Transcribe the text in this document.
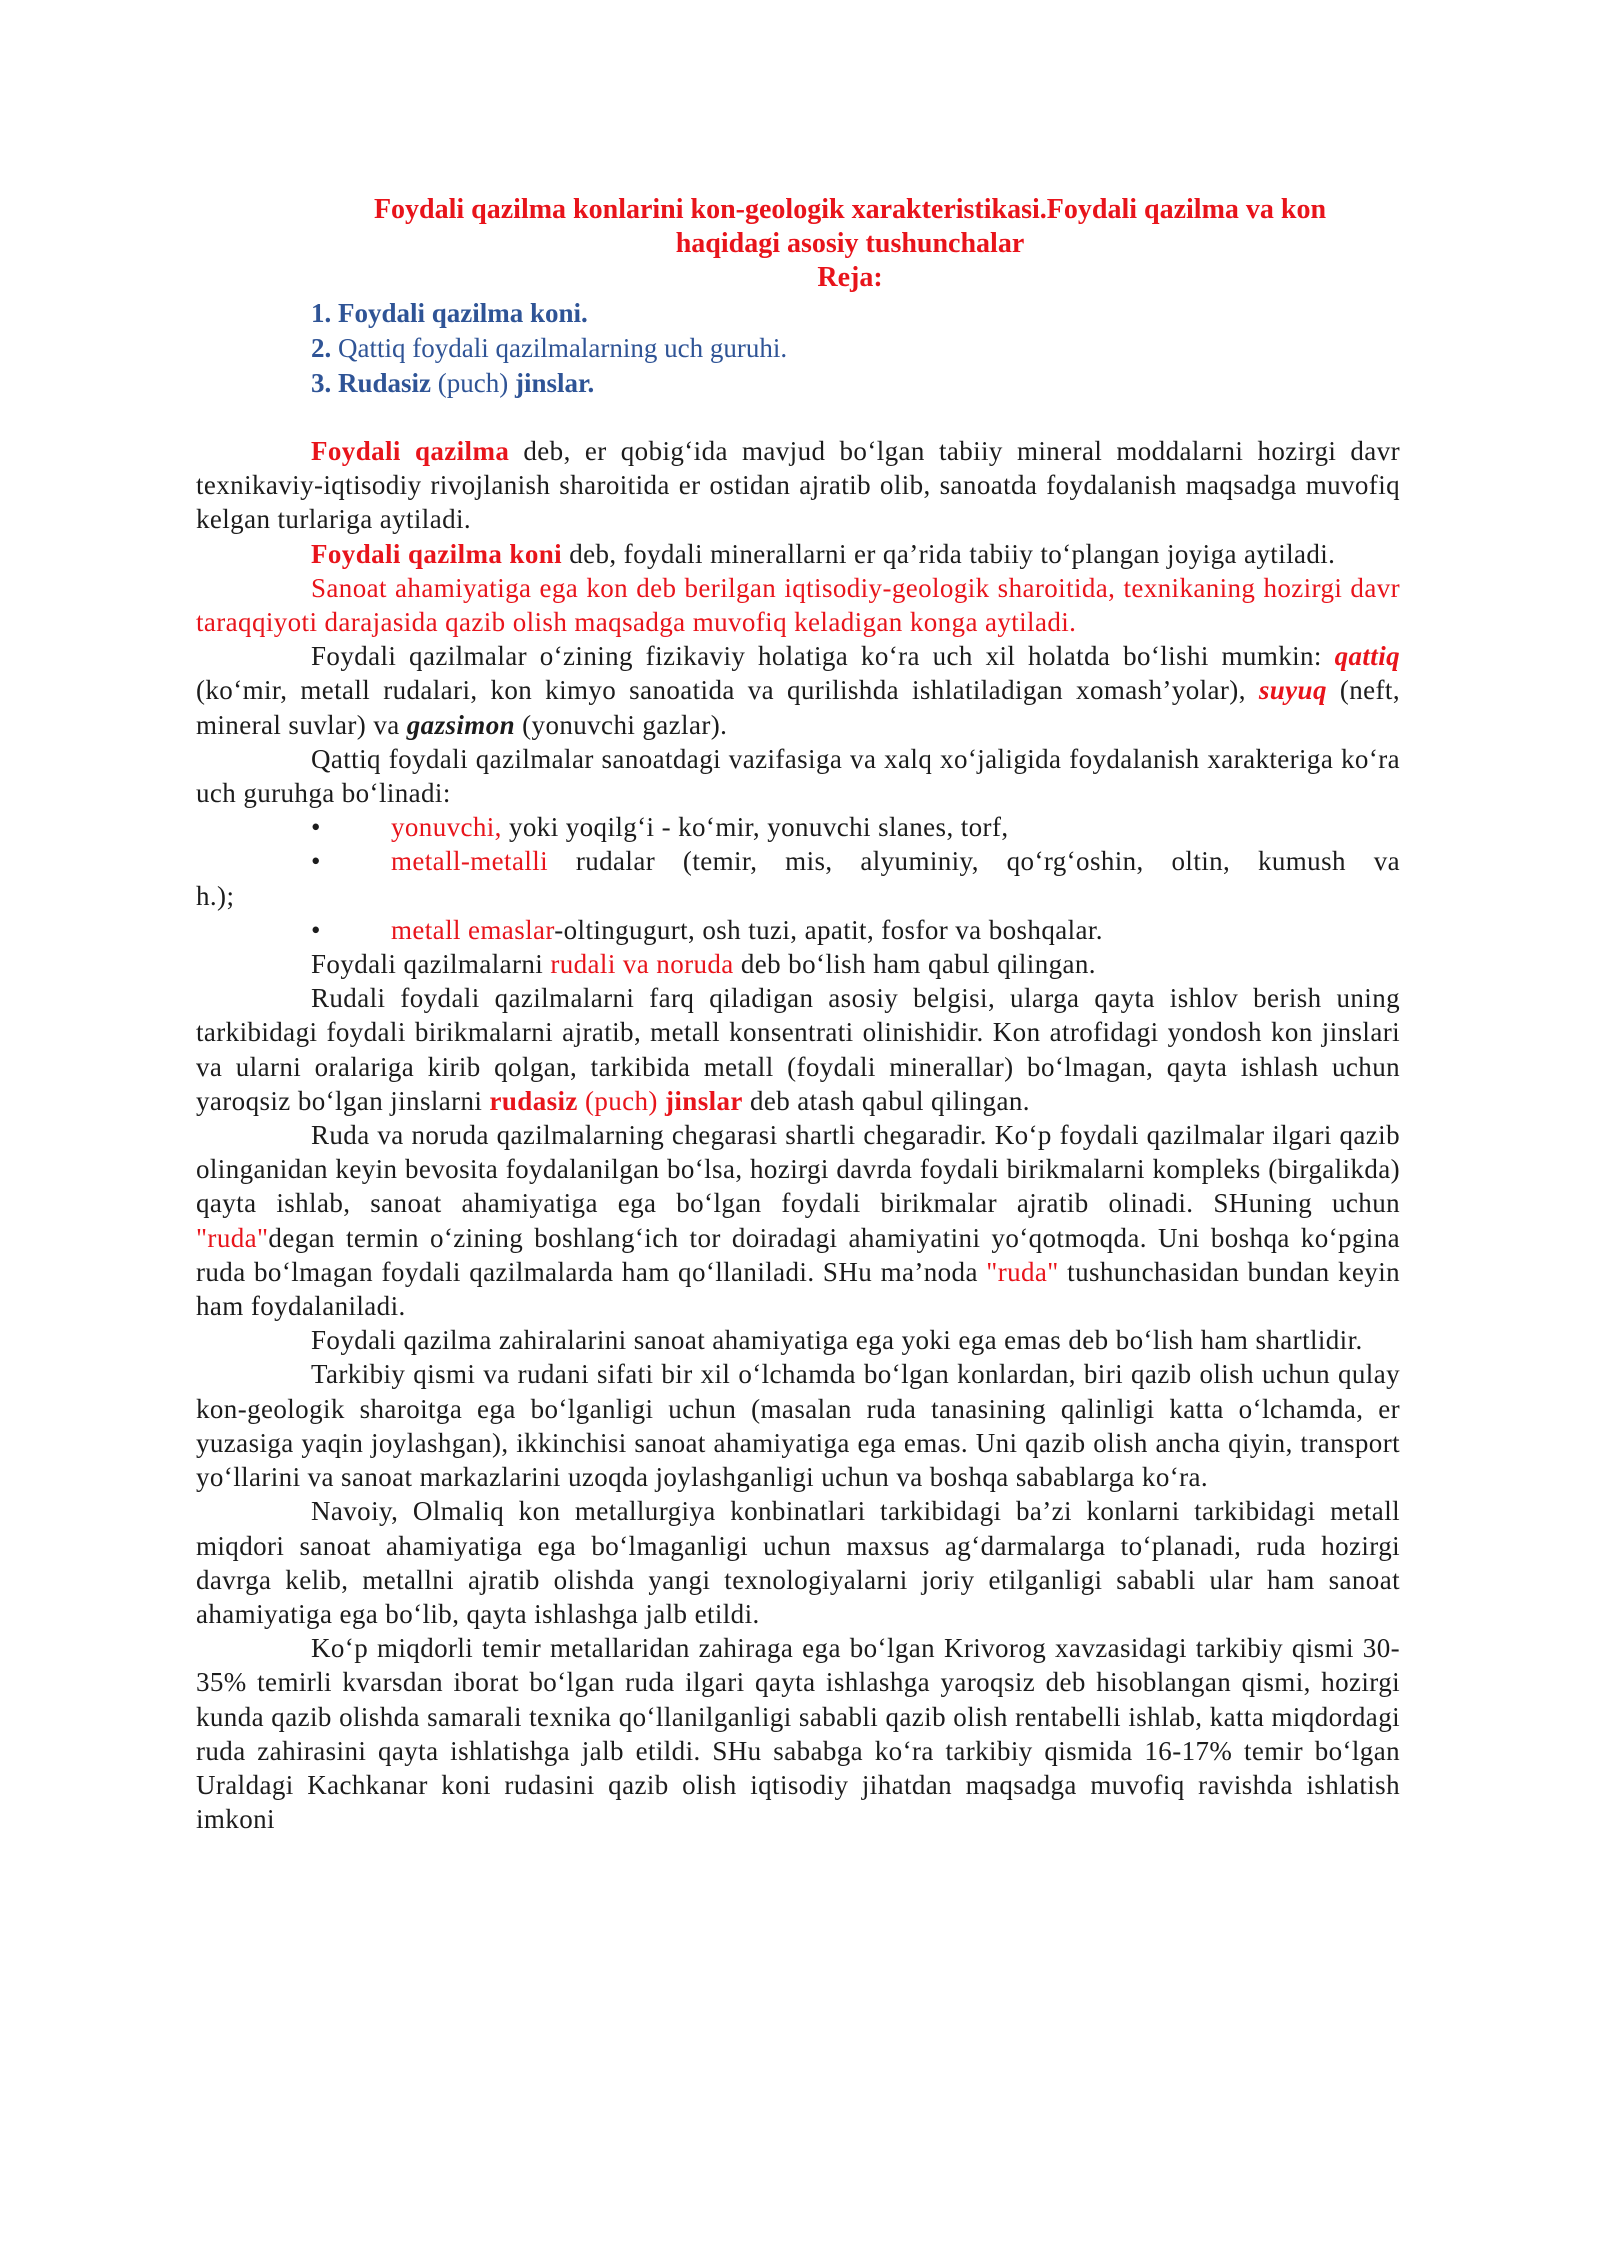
Foydali qazilma konlarini kon-geologik xarakteristikasi.Foydali qazilma va kon
haqidagi asosiy tushunchalar
Reja:
1. Foydali qazilma koni.
2. Qattiq foydali qazilmalarning uch guruhi.
3. Rudasiz (puch) jinslar.

Foydali qazilma deb, er qobig‘ida mavjud bo‘lgan tabiiy mineral moddalarni hozirgi davr texnikaviy-iqtisodiy rivojlanish sharoitida er ostidan ajratib olib, sanoatda foydalanish maqsadga muvofiq kelgan turlariga aytiladi.

Foydali qazilma koni deb, foydali minerallarni er qa’rida tabiiy to‘plangan joyiga aytiladi.

Sanoat ahamiyatiga ega kon deb berilgan iqtisodiy-geologik sharoitida, texnikaning hozirgi davr taraqqiyoti darajasida qazib olish maqsadga muvofiq keladigan konga aytiladi.

Foydali qazilmalar o‘zining fizikaviy holatiga ko‘ra uch xil holatda bo‘lishi mumkin: qattiq (ko‘mir, metall rudalari, kon kimyo sanoatida va qurilishda ishlatiladigan xomash’yolar), suyuq (neft, mineral suvlar) va gazsimon (yonuvchi gazlar).

Qattiq foydali qazilmalar sanoatdagi vazifasiga va xalq xo‘jaligida foydalanish xarakteriga ko‘ra uch guruhga bo‘linadi:

•	yonuvchi, yoki yoqilg‘i - ko‘mir, yonuvchi slanes, torf,

•	metall-metalli rudalar (temir, mis, alyuminiy, qo‘rg‘oshin, oltin, kumush va

h.);

•	metall emaslar-oltingugurt, osh tuzi, apatit, fosfor va boshqalar.

Foydali qazilmalarni rudali va noruda deb bo‘lish ham qabul qilingan.

Rudali foydali qazilmalarni farq qiladigan asosiy belgisi, ularga qayta ishlov berish uning tarkibidagi foydali birikmalarni ajratib, metall konsentrati olinishidir. Kon atrofidagi yondosh kon jinslari va ularni oralariga kirib qolgan, tarkibida metall (foydali minerallar) bo‘lmagan, qayta ishlash uchun yaroqsiz bo‘lgan jinslarni rudasiz (puch) jinslar deb atash qabul qilingan.

Ruda va noruda qazilmalarning chegarasi shartli chegaradir. Ko‘p foydali qazilmalar ilgari qazib olinganidan keyin bevosita foydalanilgan bo‘lsa, hozirgi davrda foydali birikmalarni kompleks (birgalikda) qayta ishlab, sanoat ahamiyatiga ega bo‘lgan foydali birikmalar ajratib olinadi. SHuning uchun "ruda"degan termin o‘zining boshlang‘ich tor doiradagi ahamiyatini yo‘qotmoqda. Uni boshqa ko‘pgina ruda bo‘lmagan foydali qazilmalarda ham qo‘llaniladi. SHu ma’noda "ruda" tushunchasidan bundan keyin ham foydalaniladi.

Foydali qazilma zahiralarini sanoat ahamiyatiga ega yoki ega emas deb bo‘lish ham shartlidir.

Tarkibiy qismi va rudani sifati bir xil o‘lchamda bo‘lgan konlardan, biri qazib olish uchun qulay kon-geologik sharoitga ega bo‘lganligi uchun (masalan ruda tanasining qalinligi katta o‘lchamda, er yuzasiga yaqin joylashgan), ikkinchisi sanoat ahamiyatiga ega emas. Uni qazib olish ancha qiyin, transport yo‘llarini va sanoat markazlarini uzoqda joylashganligi uchun va boshqa sabablarga ko‘ra.

Navoiy, Olmaliq kon metallurgiya konbinatlari tarkibidagi ba’zi konlarni tarkibidagi metall miqdori sanoat ahamiyatiga ega bo‘lmaganligi uchun maxsus ag‘darmalarga to‘planadi, ruda hozirgi davrga kelib, metallni ajratib olishda yangi texnologiyalarni joriy etilganligi sababli ular ham sanoat ahamiyatiga ega bo‘lib, qayta ishlashga jalb etildi.

Ko‘p miqdorli temir metallaridan zahiraga ega bo‘lgan Krivorog xavzasidagi tarkibiy qismi 30-35% temirli kvarsdan iborat bo‘lgan ruda ilgari qayta ishlashga yaroqsiz deb hisoblangan qismi, hozirgi kunda qazib olishda samarali texnika qo‘llanilganligi sababli qazib olish rentabelli ishlab, katta miqdordagi ruda zahirasini qayta ishlatishga jalb etildi. SHu sababga ko‘ra tarkibiy qismida 16-17% temir bo‘lgan Uraldagi Kachkanar koni rudasini qazib olish iqtisodiy jihatdan maqsadga muvofiq ravishda ishlatish imkoni
